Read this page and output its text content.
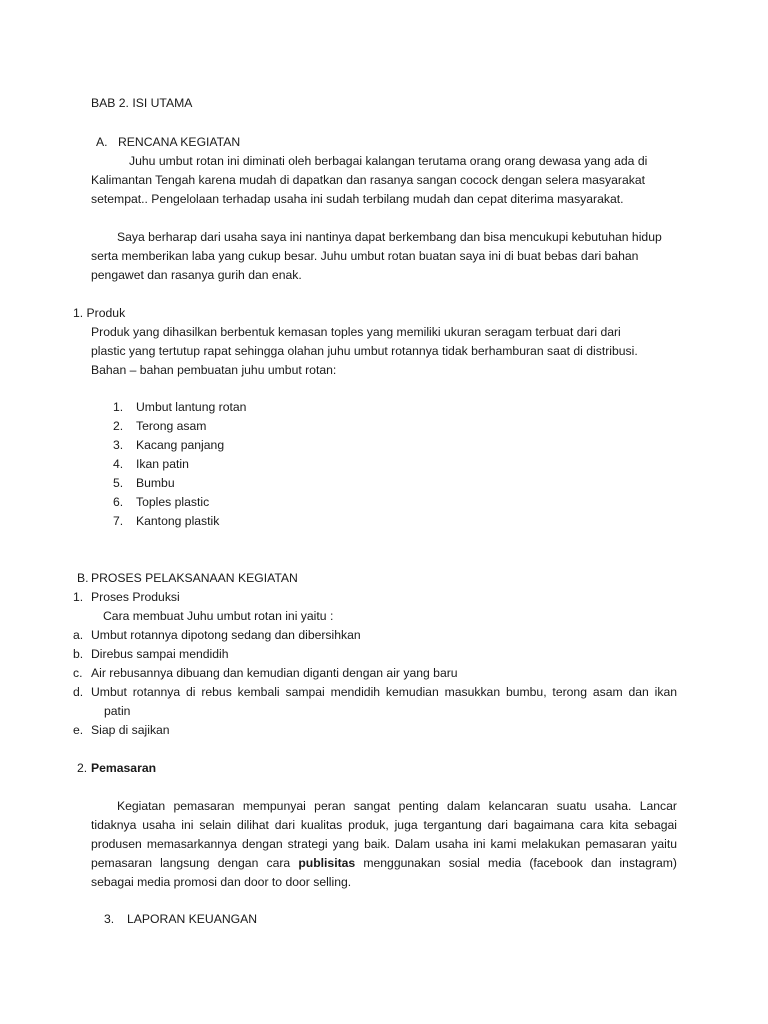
BAB 2. ISI UTAMA
A. RENCANA KEGIATAN
Juhu umbut rotan ini diminati oleh berbagai kalangan terutama orang orang dewasa yang ada di
Kalimantan Tengah karena mudah di dapatkan dan rasanya sangan cocock dengan selera masyarakat
setempat.. Pengelolaan terhadap usaha ini sudah terbilang mudah dan cepat diterima masyarakat.
Saya berharap dari usaha saya ini nantinya dapat berkembang dan bisa mencukupi kebutuhan hidup
serta memberikan laba yang cukup besar. Juhu umbut rotan buatan saya ini di buat bebas dari bahan
pengawet dan rasanya gurih dan enak.
1. Produk
Produk yang dihasilkan berbentuk kemasan toples yang memiliki ukuran seragam terbuat dari dari
plastic yang tertutup rapat sehingga olahan juhu umbut rotannya tidak berhamburan saat di distribusi.
Bahan – bahan pembuatan juhu umbut rotan:
1.	Umbut lantung rotan
2.	Terong asam
3.	Kacang panjang
4.	Ikan patin
5.	Bumbu
6.	Toples plastic
7.	Kantong plastik
B. PROSES PELAKSANAAN KEGIATAN
1. Proses Produksi
Cara membuat Juhu umbut rotan ini yaitu :
a. Umbut rotannya dipotong sedang dan dibersihkan
b. Direbus sampai mendidih
c. Air rebusannya dibuang dan kemudian diganti dengan air yang baru
d. Umbut rotannya di rebus kembali sampai mendidih kemudian masukkan bumbu, terong asam dan ikan
patin
e. Siap di sajikan
2. Pemasaran
Kegiatan pemasaran mempunyai peran sangat penting dalam kelancaran suatu usaha. Lancar
tidaknya usaha ini selain dilihat dari kualitas produk, juga tergantung dari bagaimana cara kita sebagai
produsen memasarkannya dengan strategi yang baik. Dalam usaha ini kami melakukan pemasaran yaitu
pemasaran langsung dengan cara publisitas menggunakan sosial media (facebook dan instagram)
sebagai media promosi dan door to door selling.
3. LAPORAN KEUANGAN
